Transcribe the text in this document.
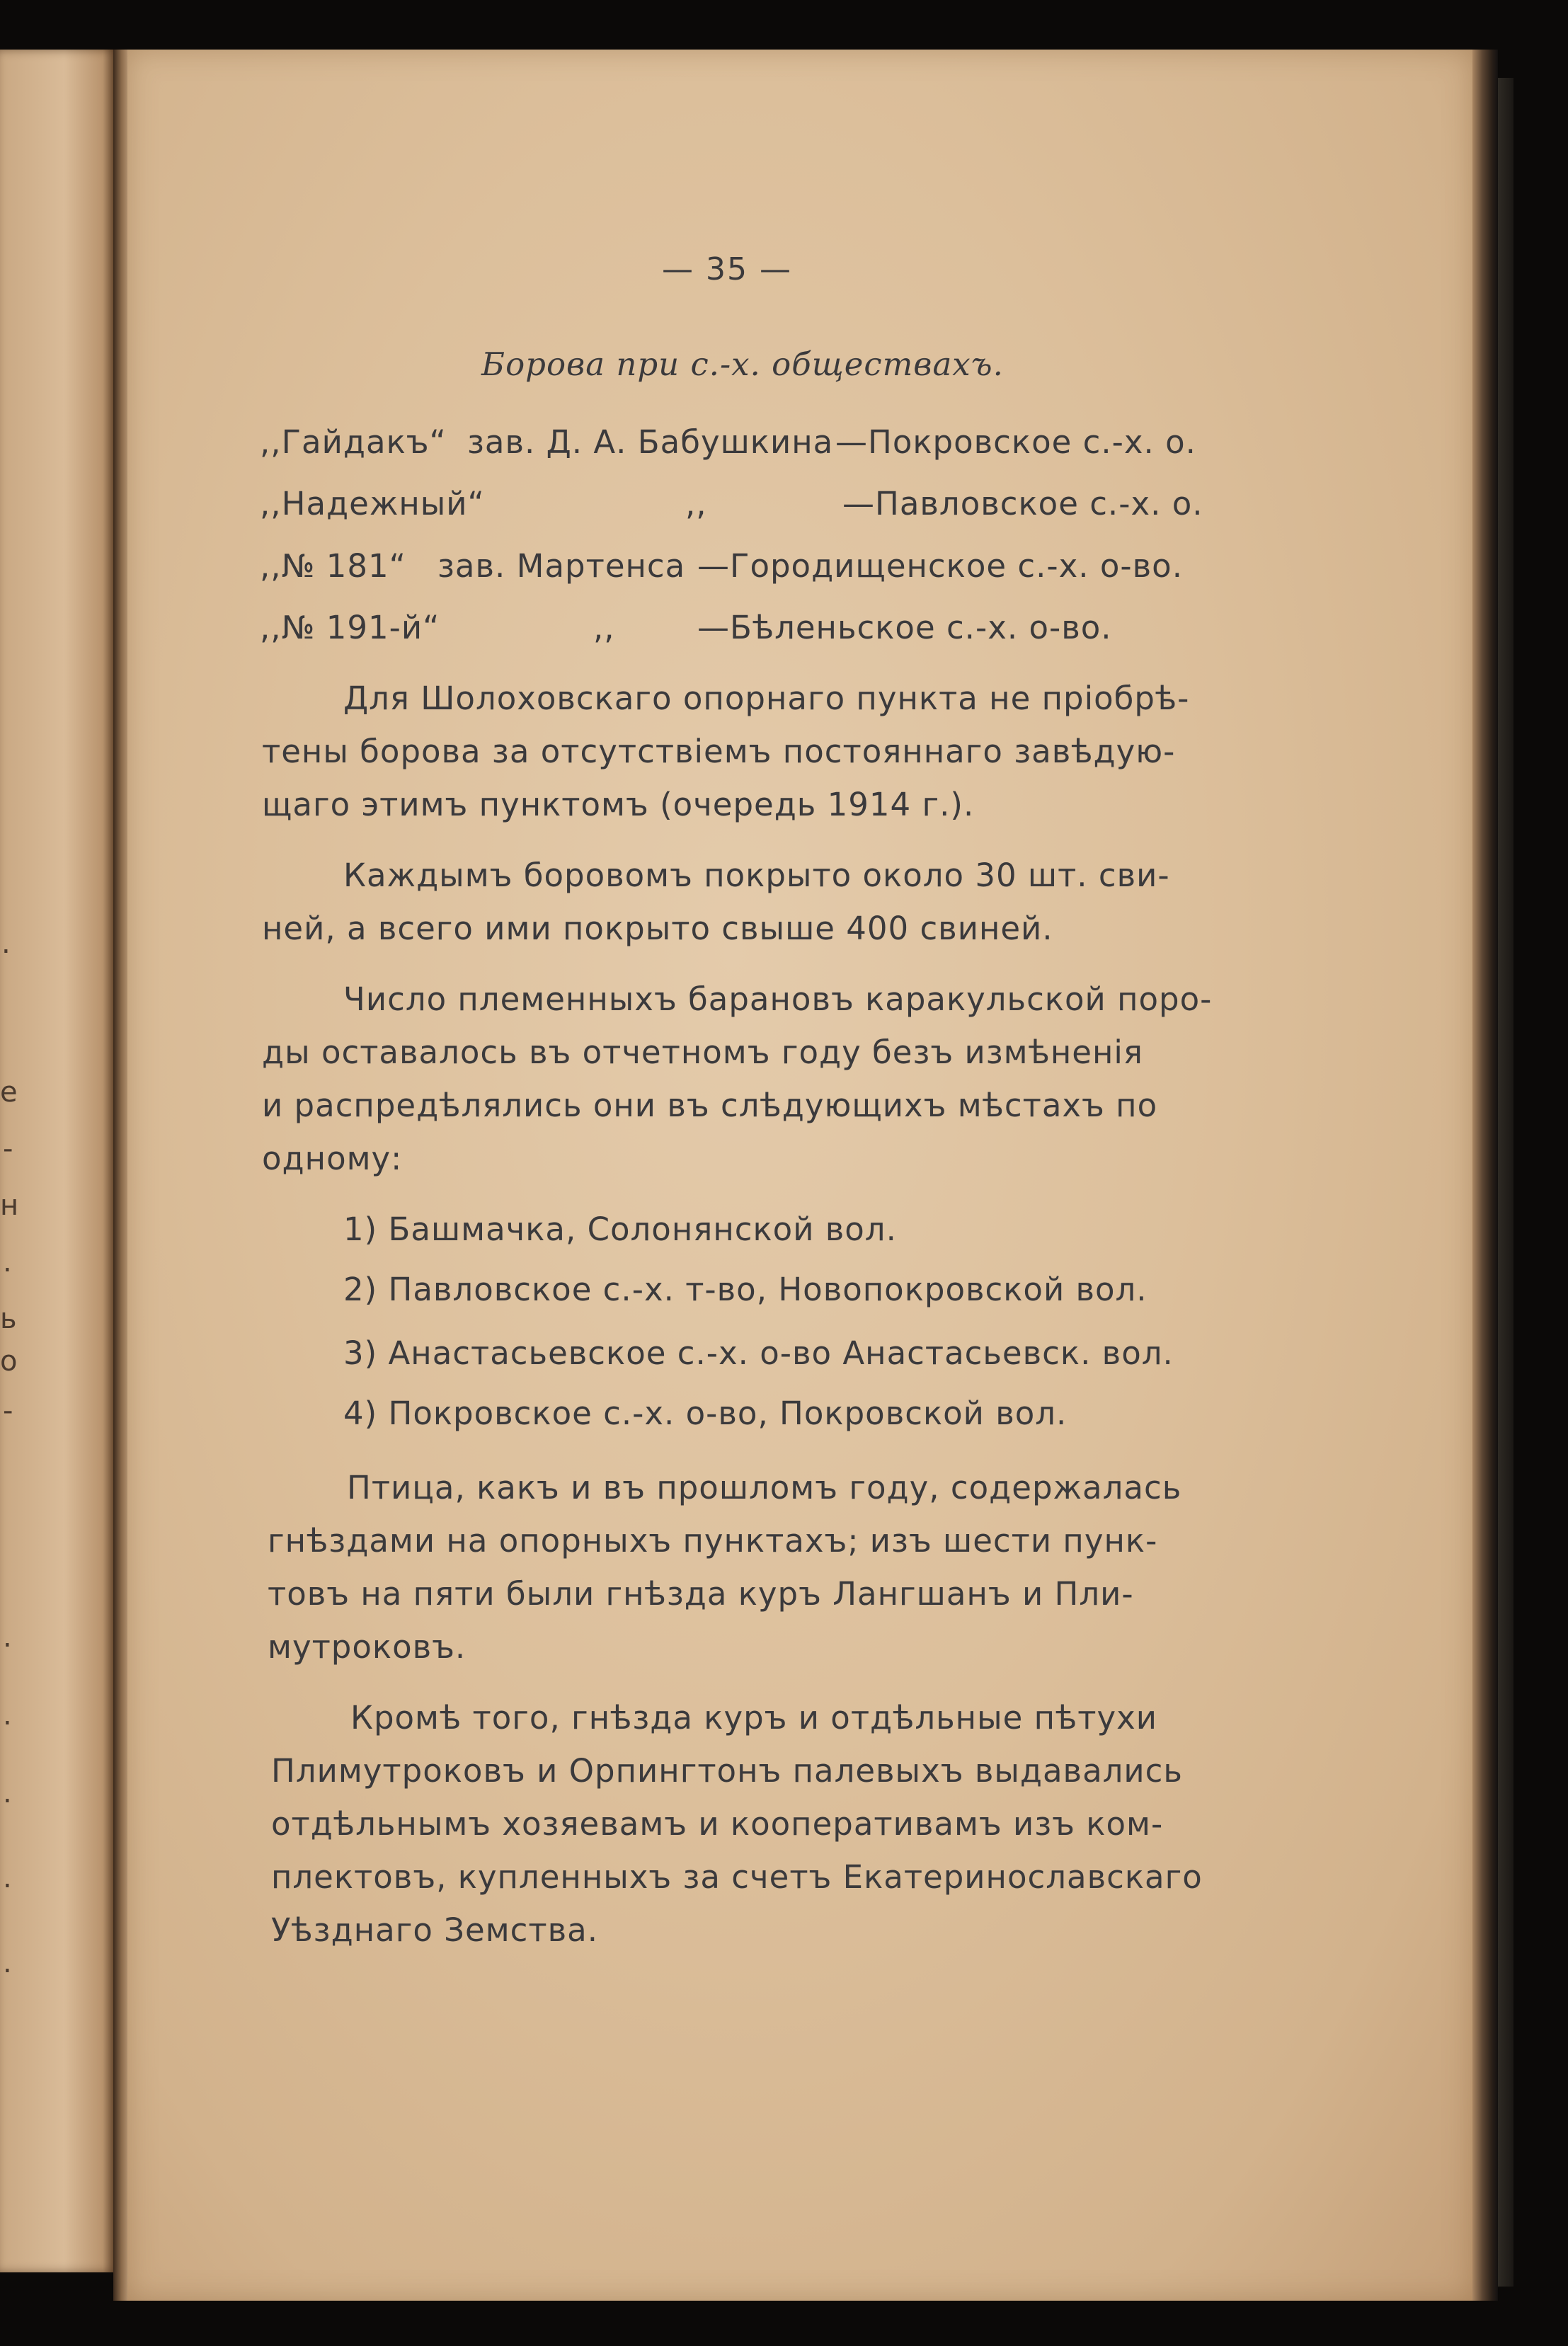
.
e
-
н
.
ь
о
-
.
.
.
.
.
— 35 —
Борова при с.-х. обществахъ.
,,Гайдакъ“ зав. Д. А. Бабушкина —Покровское с.-х. о.
,,Надежный“	,,	—Павловское с.-х. о.
,,№ 181“ зав. Мартенса —Городищенское с.-х. о-во.
,,№ 191-й“	,,	—Бѣленьское с.-х. о-во.
Для Шолоховскаго опорнаго пункта не пріобрѣ-
тены борова за отсутствіемъ постояннаго завѣдую-
щаго этимъ пунктомъ (очередь 1914 г.).
Каждымъ боровомъ покрыто около 30 шт. сви-
ней, а всего ими покрыто свыше 400 свиней.
Число племенныхъ барановъ каракульской поро-
ды оставалось въ отчетномъ году безъ измѣненія
и распредѣлялись они въ слѣдующихъ мѣстахъ по
одному:
1) Башмачка, Солонянской вол.
2) Павловское с.-х. т-во, Новопокровской вол.
3) Анастасьевское с.-х. о-во Анастасьевск. вол.
4) Покровское с.-х. о-во, Покровской вол.
Птица, какъ и въ прошломъ году, содержалась
гнѣздами на опорныхъ пунктахъ; изъ шести пунк-
товъ на пяти были гнѣзда куръ Лангшанъ и Пли-
мутроковъ.
Кромѣ того, гнѣзда куръ и отдѣльные пѣтухи
Плимутроковъ и Орпингтонъ палевыхъ выдавались
отдѣльнымъ хозяевамъ и кооперативамъ изъ ком-
плектовъ, купленныхъ за счетъ Екатеринославскаго
Уѣзднаго Земства.
